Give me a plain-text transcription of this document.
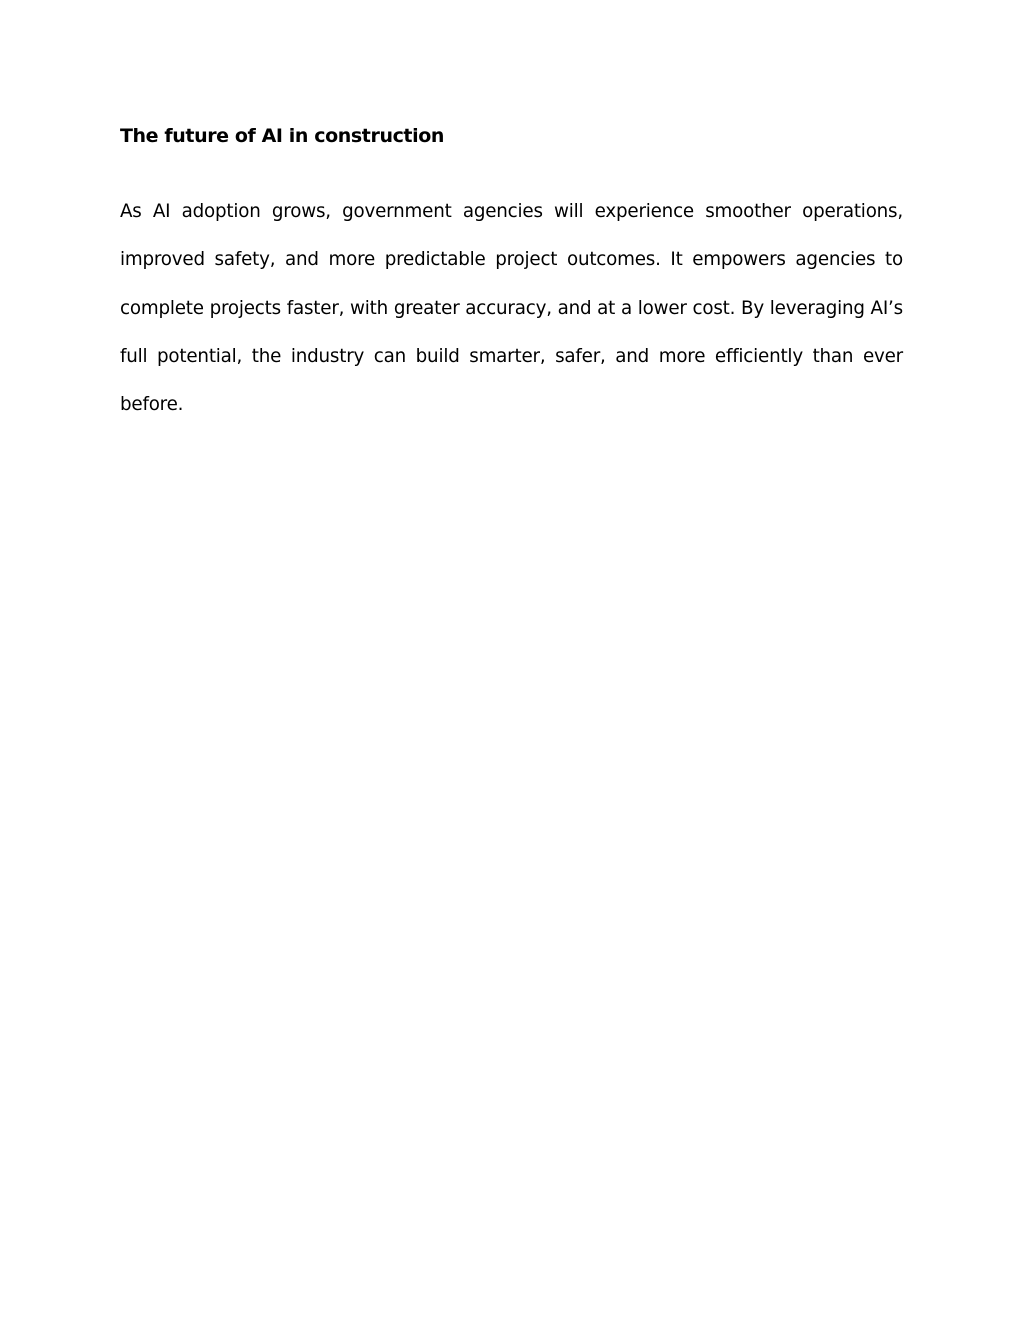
The future of AI in construction

As AI adoption grows, government agencies will experience smoother operations, improved safety, and more predictable project outcomes. It empowers agencies to complete projects faster, with greater accuracy, and at a lower cost. By leveraging AI’s full potential, the industry can build smarter, safer, and more efficiently than ever before.
